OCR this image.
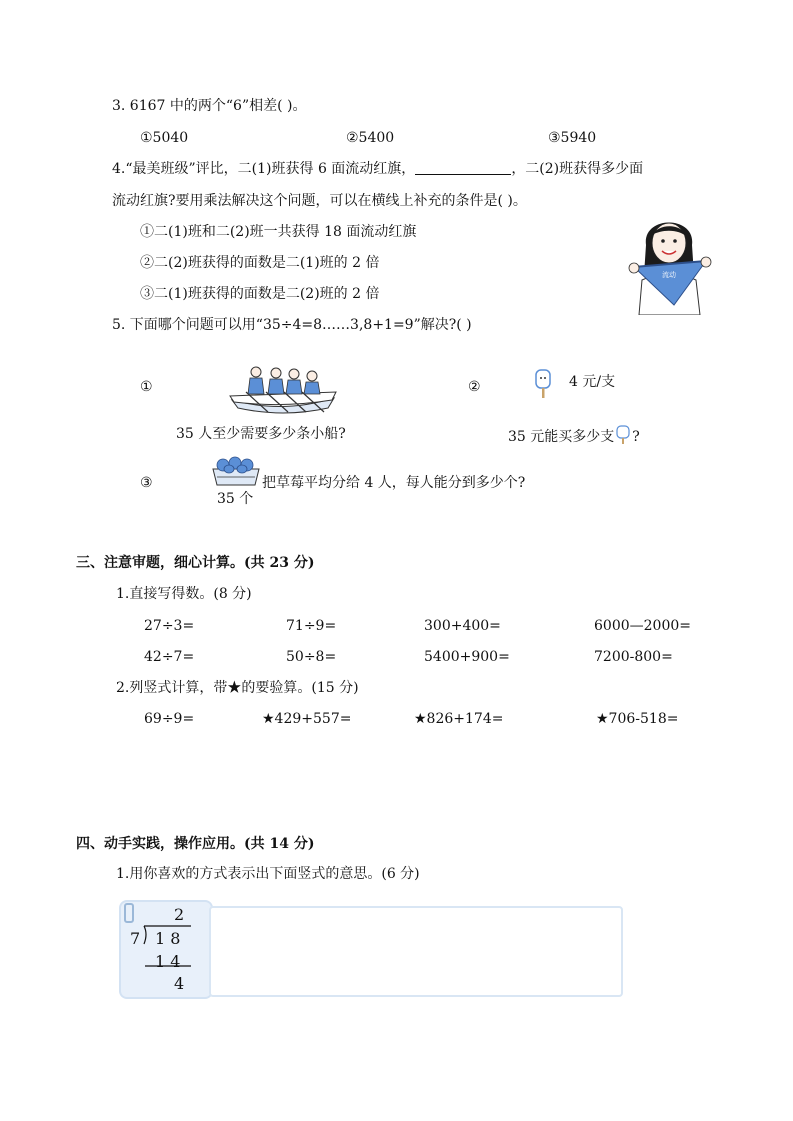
3. 6167 中的两个“6”相差( )。
①5040	②5400	③5940
4.“最美班级”评比，二(1)班获得 6 面流动红旗，	，二(2)班获得多少面
流动红旗?要用乘法解决这个问题，可以在横线上补充的条件是( )。
①二(1)班和二(2)班一共获得 18 面流动红旗
②二(2)班获得的面数是二(1)班的 2 倍
③二(1)班获得的面数是二(2)班的 2 倍
流动
5. 下面哪个问题可以用“35÷4=8……3,8+1=9”解决?( )
①
35 人至少需要多少条小船?
②	4 元/支
35 元能买多少支 ?
③
35 个
把草莓平均分给 4 人，每人能分到多少个?
三、注意审题，细心计算。(共 23 分)
1.直接写得数。(8 分)
27÷3=	71÷9=	300+400=	6000—2000=
42÷7=	50÷8=	5400+900=	7200-800=
2.列竖式计算，带★的要验算。(15 分)
69÷9=	★429+557=	★826+174=	★706-518=
四、动手实践，操作应用。(共 14 分)
1.用你喜欢的方式表示出下面竖式的意思。(6 分)
2
7 1 8
1 4
4
